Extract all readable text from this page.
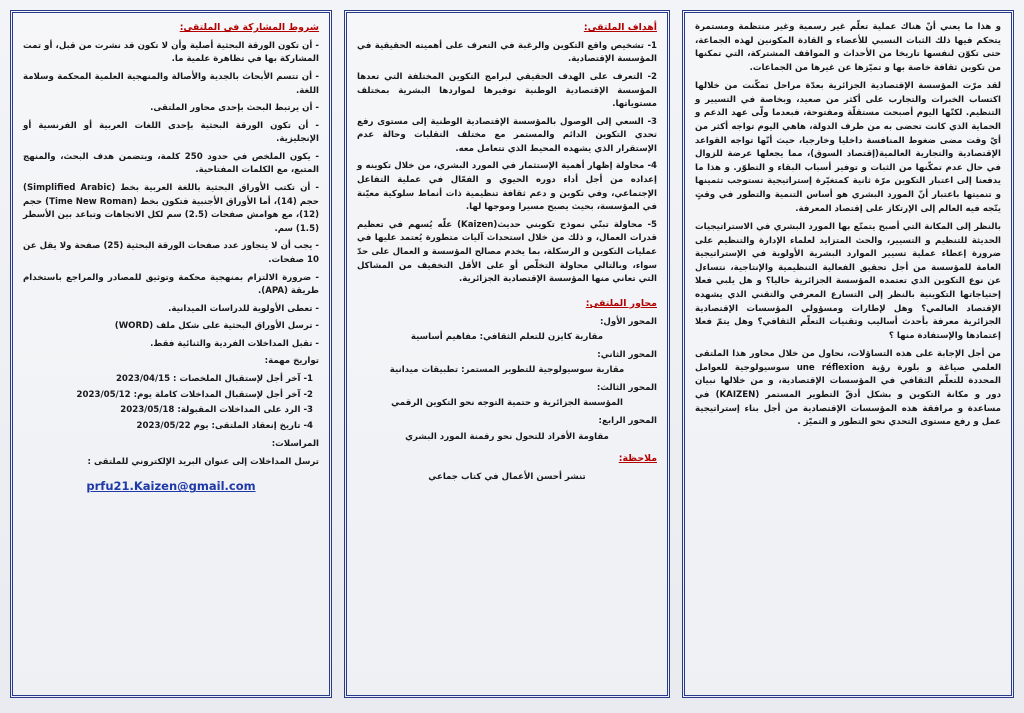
شروط المشاركة في الملتقى:
- أن تكون الورقة البحثية أصلية وأن لا تكون قد نشرت من قبل، أو تمت المشاركة بها في تظاهرة علمية ما.
- أن تتسم الأبحاث بالجدية والأصالة والمنهجية العلمية المحكمة وسلامة اللغة.
- أن يرتبط البحث بإحدى محاور الملتقى.
- أن تكون الورقة البحثية بإحدى اللغات العربية أو الفرنسية أو الإنجليزية.
- يكون الملخص في حدود 250 كلمة، ويتضمن هدف البحث، والمنهج المتبع، مع الكلمات المفتاحية.
- أن تكتب الأوراق البحثية باللغة العربية بخط (Simplified Arabic) حجم (14)، أما الأوراق الأجنبية فتكون بخط (Time New Roman) حجم (12)، مع هوامش صفحات (2.5) سم لكل الاتجاهات وتباعد بين الأسطر (1.5) سم.
- يجب أن لا يتجاوز عدد صفحات الورقة البحثية (25) صفحة ولا يقل عن 10 صفحات.
- ضرورة الالتزام بمنهجية محكمة وتوثيق للمصادر والمراجع باستخدام طريقة (APA).
- تعطى الأولوية للدراسات الميدانية.
- ترسل الأوراق البحثية على شكل ملف (WORD)
- تقبل المداخلات الفردية والثنائية فقط.
تواريخ مهمة:
1- آخر أجل لإستقبال الملخصات : 2023/04/15
2- آخر أجل لإستقبال المداخلات كاملة يوم: 2023/05/12
3- الرد على المداخلات المقبولة: 2023/05/18
4- تاريخ إنعقاد الملتقى: يوم 2023/05/22
المراسلات:
ترسل المداخلات إلى عنوان البريد الإلكتروني للملتقى :
prfu21.Kaizen@gmail.com
أهداف الملتقى:
1- تشخيص واقع التكوين والرغبة في التعرف على أهميته الحقيقية في المؤسسة الإقتصادية.
2- التعرف على الهدف الحقيقي لبرامج التكوين المختلفة التي تعدها المؤسسة الإقتصادية الوطنية توفيرها لمواردها البشرية بمختلف مستوياتها.
3- السعي إلى الوصول بالمؤسسة الإقتصادية الوطنية إلى مستوى رفع تحدي التكوين الدائم والمستمر مع مختلف التقلبات وحالة عدم الإستقرار الذي يشهده المحيط الذي تتعامل معه.
4- محاولة إظهار أهمية الإستثمار في المورد البشري، من خلال تكوينه و إعداده من أجل أداء دوره الحيوي و الفعّال في عملية التفاعل الإجتماعي، وفي تكوين و دعم ثقافة تنظيمية ذات أنماط سلوكية معيّنة في المؤسسة، بحيث يصبح مسيرا وموجها لها.
5- محاولة تبنّي نموذج تكويني حديث(Kaizen) علّه يُسهم في تعظيم قدرات العمال، و ذلك من خلال استحداث آليات متطورة يُعتمد عليها في عمليات التكوين و الرسكلة، بما يخدم مصالح المؤسسة و العمال على حدّ سواء، وبالتالي محاولة التخلّص أو على الأقل التخفيف من المشاكل التي تعاني منها المؤسسة الإقتصادية الجزائرية.
محاور الملتقى:
المحور الأول:
مقاربة كايزن للتعلم الثقافي: مفاهيم أساسية
المحور الثاني:
مقاربة سوسيولوجية للتطوير المستمر: تطبيقات ميدانية
المحور الثالث:
المؤسسة الجزائرية و حتمية التوجه نحو التكوين الرقمي
المحور الرابع:
مقاومة الأفراد للتحول نحو رقمنة المورد البشري
ملاحظة:
تنشر أحسن الأعمال في كتاب جماعي

و هذا ما يعني أنّ هناك عملية تعلّم غير رسمية وغير منتظمة ومستمرة يتحكم فيها ذلك الثبات النسبي للأعضاء و القادة المكونين لهذه الجماعة، حتى تكوّن لنفسها تاريخا من الأحداث و المواقف المشتركة، التي تمكنها من تكوين ثقافة خاصة بها و تميّزها عن غيرها من الجماعات.

لقد مرّت المؤسسة الإقتصادية الجزائرية بعدّة مراحل تمكّنت من خلالها اكتساب الخبرات والتجارب على أكثر من صعيد، وبخاصة في التسيير و التنظيم. لكنّها اليوم أصبحت مستقلّة ومفتوحة، فبعدما ولّى عهد الدعم و الحماية الذي كانت تحضى به من طرف الدولة، هاهي اليوم تواجه أكثر من أيّ وقت مضى ضغوط المنافسة داخليا وخارجيا، حيث أنّها تواجه القواعد الإقتصادية والتجارية العالمية(إقتصاد السوق)، مما يجعلها عرضة للزوال في حال عدم تمكّنها من الثبات و توفير أسباب البقاء و التطوّر. و هذا ما يدفعنا إلى اعتبار التكوين مرّة ثانية كمتغيّرة إستراتيجية تستوجب تثمينها و تنميتها باعتبار أنّ المورد البشري هو أساس التنمية والتطور في وقتٍ يتّجه فيه العالم إلى الإرتكاز على إقتصاد المعرفة.

بالنظر إلى المكانة التي أصبح يتمتّع بها المورد البشري في الاستراتيجيات الحديثة للتنظيم و التسيير، والحث المتزايد لعلماء الإدارة والتنظيم على ضرورة إعطاء عملية تسيير الموارد البشرية الأولوية في الإستراتيجية العامة للمؤسسة من أجل تحقيق الفعالية التنظيمية والإنتاجية، نتساءل عن نوع التكوين الذي تعتمده المؤسسة الجزائرية حاليا؟ و هل يلبي فعلا إحتياجاتها التكوينية بالنظر إلى التسارع المعرفي والتقني الذي يشهده الإقتصاد العالمي؟ وهل لإطارات ومسؤولي المؤسسات الإقتصادية الجزائرية معرفة بأحدث أساليب وتقنيات التعلّم الثقافي؟ وهل يتمّ فعلا إعتمادها والإستفادة منها ؟

من أجل الإجابة على هذه التساؤلات، نحاول من خلال محاور هذا الملتقى العلمي صياغة و بلورة رؤية une réflexion سوسيولوجية للعوامل المحددة للتعلّم الثقافي في المؤسسات الإقتصادية، و من خلالها نبيان دور و مكانة التكوين و بشكل أدقّ التطوير المستمر (KAIZEN) في مساعدة و مرافقة هذه المؤسسات الإقتصادية من أجل بناء إستراتيجية عمل و رفع مستوى التحدي نحو التطور و التميّز .
